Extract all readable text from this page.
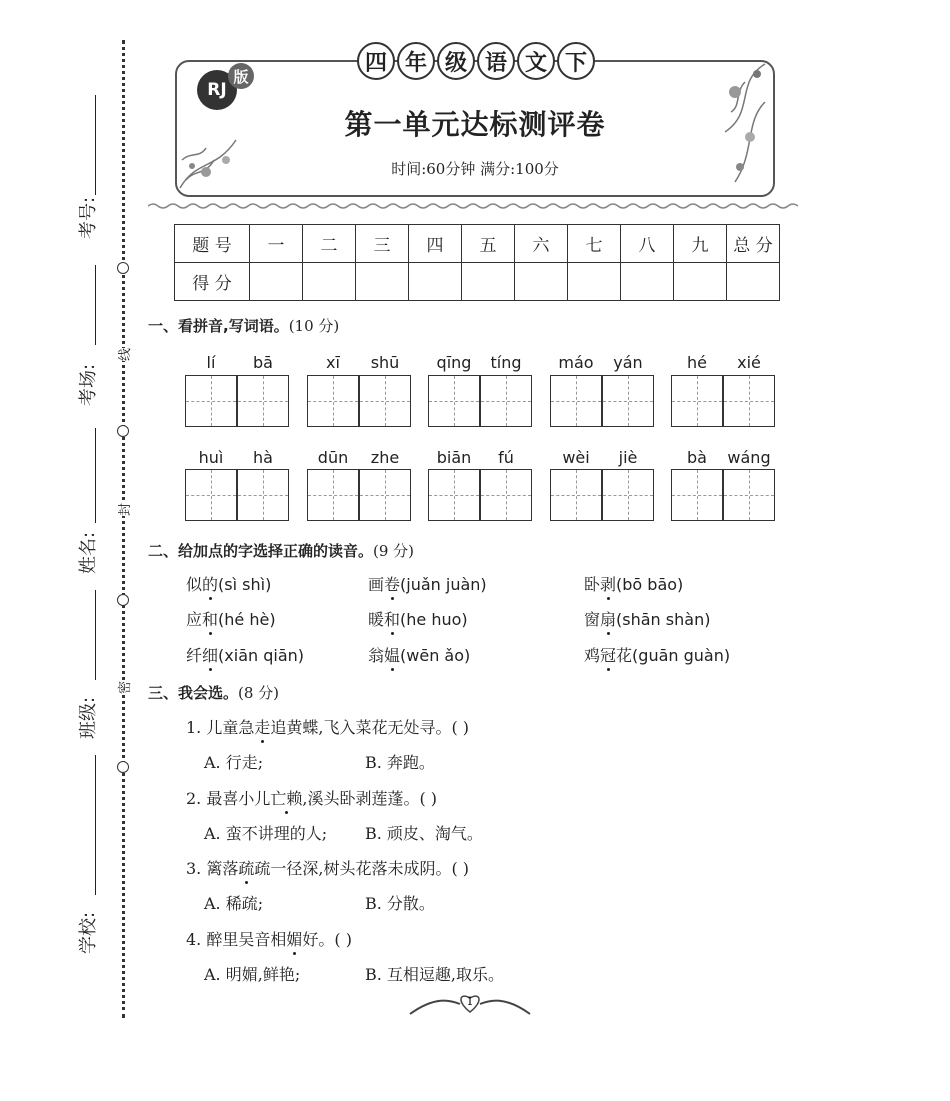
考号:
考场:
姓名:
班级:
学校:
线
封
密
四 年 级 语 文 下
RJ
版
第一单元达标测评卷
时间:60分钟 满分:100分
题 号	一	二	三	四	五	六	七	八	九	总 分
得 分										
一、看拼音,写词语。(10 分)
lí	bā	xī	shū	qīng	tíng	máo	yán	hé	xié
huì	hà	dūn	zhe	biān	fú	wèi	jiè	bà	wáng
二、给加点的字选择正确的读音。(9 分)
似的(sì shì)	画卷(juǎn juàn)	卧剥(bō bāo)
应和(hé hè)	暖和(he huo)	窗扇(shān shàn)
纤细(xiān qiān)	翁媪(wēn ǎo)	鸡冠花(guān guàn)
三、我会选。(8 分)
1. 儿童急走追黄蝶,飞入菜花无处寻。( )
A. 行走;	B. 奔跑。
2. 最喜小儿亡赖,溪头卧剥莲蓬。( )
A. 蛮不讲理的人; B. 顽皮、淘气。
3. 篱落疏疏一径深,树头花落未成阴。( )
A. 稀疏;	B. 分散。
4. 醉里吴音相媚好。( )
A. 明媚,鲜艳;	B. 互相逗趣,取乐。
1
